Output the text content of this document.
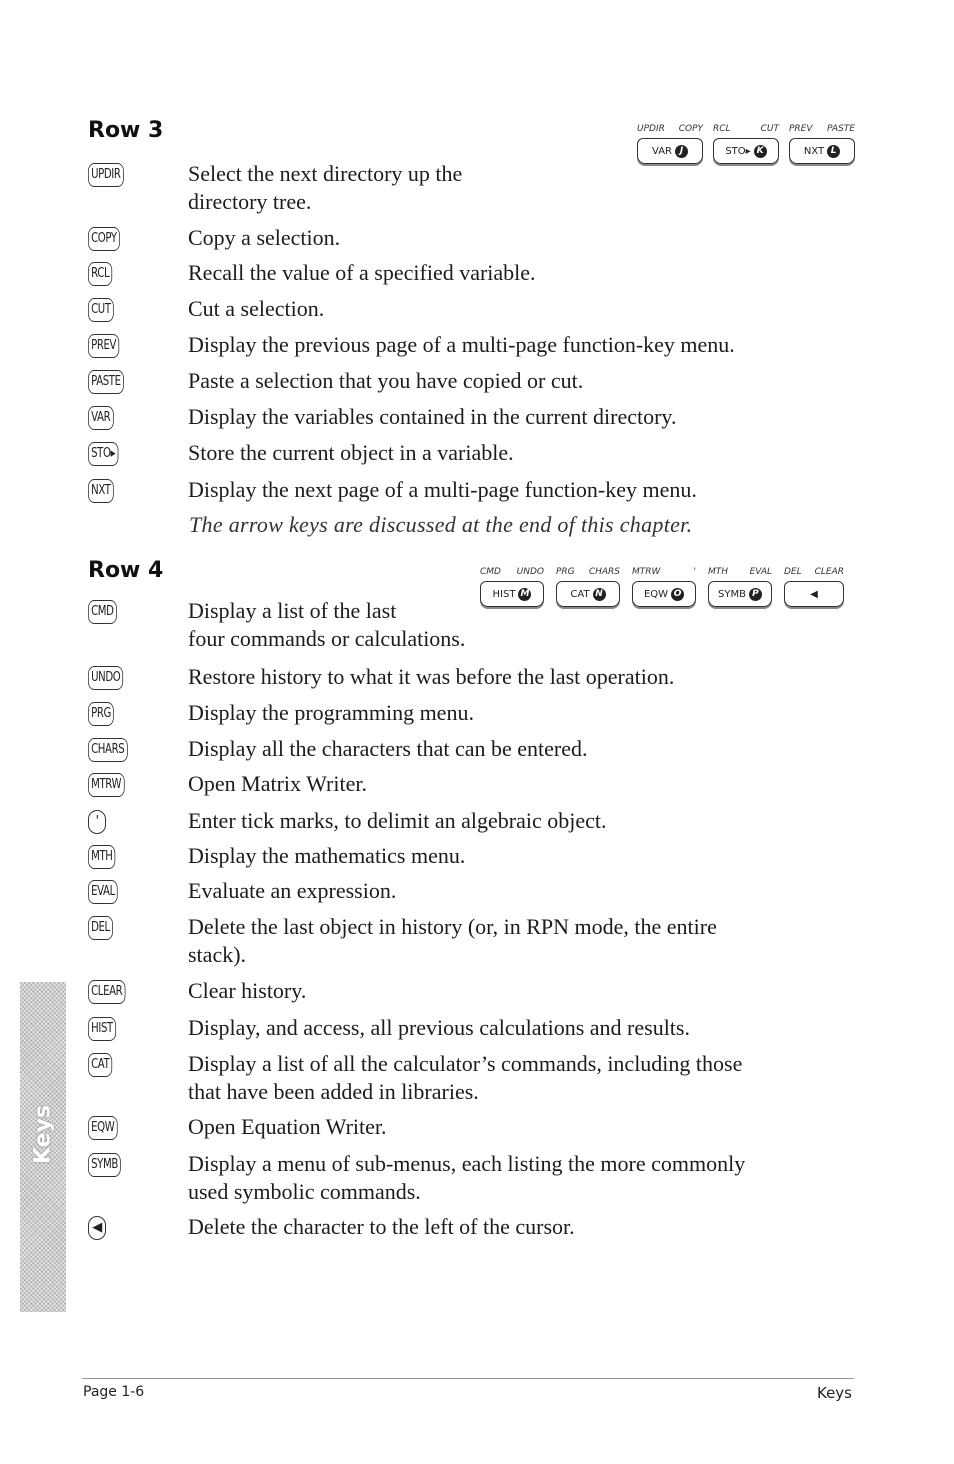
Row 3	UPDIR COPY
VAR J
RCL	CUT
STO▸ K
PREV PASTE
NXT L
UPDIR	Select the next directory up the
directory tree.
COPY	Copy a selection.
RCL	Recall the value of a specified variable.
CUT	Cut a selection.
PREV	Display the previous page of a multi-page function-key menu.
PASTE	Paste a selection that you have copied or cut.
VAR	Display the variables contained in the current directory.
STO▸	Store the current object in a variable.
NXT	Display the next page of a multi-page function-key menu.
The arrow keys are discussed at the end of this chapter.
Row 4	CMD UNDO
HIST M
PRG CHARS
CAT N
MTRW	'
EQW O
MTH EVAL
SYMB P
DEL CLEAR
◀
CMD	Display a list of the last
four commands or calculations.
UNDO	Restore history to what it was before the last operation.
PRG	Display the programming menu.
CHARS	Display all the characters that can be entered.
MTRW	Open Matrix Writer.
'	Enter tick marks, to delimit an algebraic object.
MTH	Display the mathematics menu.
EVAL	Evaluate an expression.
DEL	Delete the last object in history (or, in RPN mode, the entire
stack).
CLEAR	Clear history.
HIST	Display, and access, all previous calculations and results.
CAT	Display a list of all the calculator’s commands, including those
that have been added in libraries.
EQW	Open Equation Writer.
SYMB	Display a menu of sub-menus, each listing the more commonly
used symbolic commands.
◀	Delete the character to the left of the cursor.
Keys
Page 1-6	Keys
